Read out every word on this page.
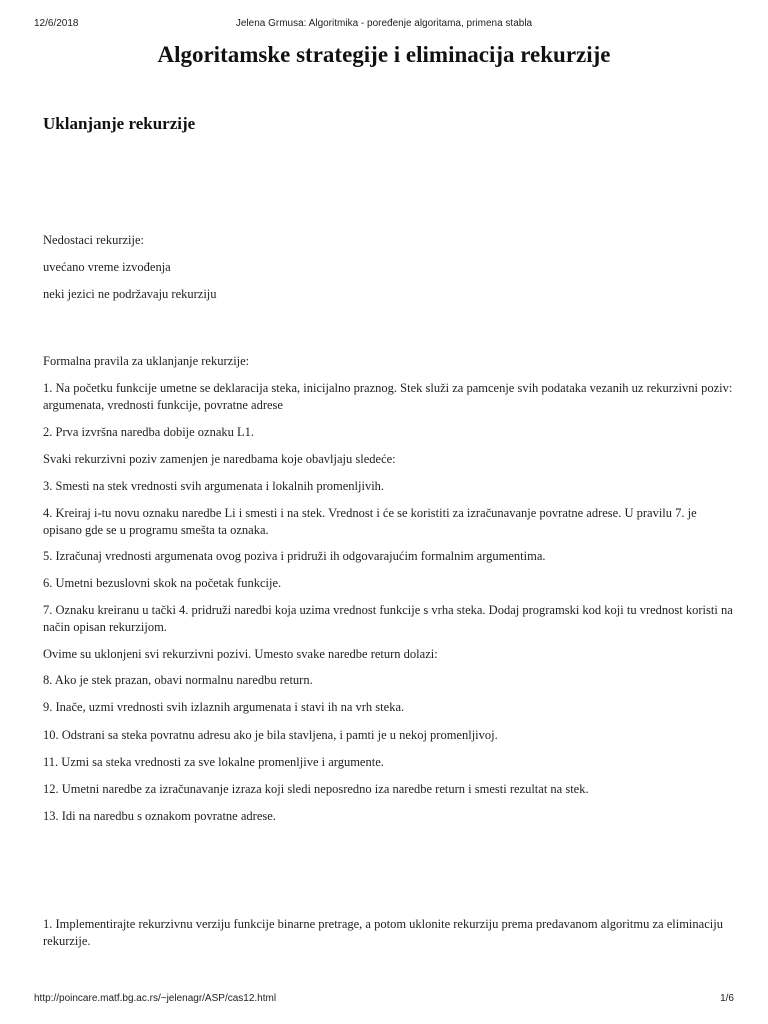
12/6/2018	Jelena Grmusa: Algoritmika - poređenje algoritama, primena stabla
Algoritamske strategije i eliminacija rekurzije
Uklanjanje rekurzije

Nedostaci rekurzije:

uvećano vreme izvođenja

neki jezici ne podržavaju rekurziju

Formalna pravila za uklanjanje rekurzije:

1. Na početku funkcije umetne se deklaracija steka, inicijalno praznog. Stek služi za pamcenje svih podataka vezanih uz rekurzivni poziv: argumenata, vrednosti funkcije, povratne adrese

2. Prva izvršna naredba dobije oznaku L1.

Svaki rekurzivni poziv zamenjen je naredbama koje obavljaju sledeće:

3. Smesti na stek vrednosti svih argumenata i lokalnih promenljivih.

4. Kreiraj i-tu novu oznaku naredbe Li i smesti i na stek. Vrednost i će se koristiti za izračunavanje povratne adrese. U pravilu 7. je opisano gde se u programu smešta ta oznaka.

5. Izračunaj vrednosti argumenata ovog poziva i pridruži ih odgovarajućim formalnim argumentima.

6. Umetni bezuslovni skok na početak funkcije.

7. Oznaku kreiranu u tački 4. pridruži naredbi koja uzima vrednost funkcije s vrha steka. Dodaj programski kod koji tu vrednost koristi na način opisan rekurzijom.

Ovime su uklonjeni svi rekurzivni pozivi. Umesto svake naredbe return dolazi:

8. Ako je stek prazan, obavi normalnu naredbu return.

9. Inače, uzmi vrednosti svih izlaznih argumenata i stavi ih na vrh steka.

10. Odstrani sa steka povratnu adresu ako je bila stavljena, i pamti je u nekoj promenljivoj.

11. Uzmi sa steka vrednosti za sve lokalne promenljive i argumente.

12. Umetni naredbe za izračunavanje izraza koji sledi neposredno iza naredbe return i smesti rezultat na stek.

13. Idi na naredbu s oznakom povratne adrese.

1. Implementirajte rekurzivnu verziju funkcije binarne pretrage, a potom uklonite rekurziju prema predavanom algoritmu za eliminaciju rekurzije.

http://poincare.matf.bg.ac.rs/~jelenagr/ASP/cas12.html	1/6
